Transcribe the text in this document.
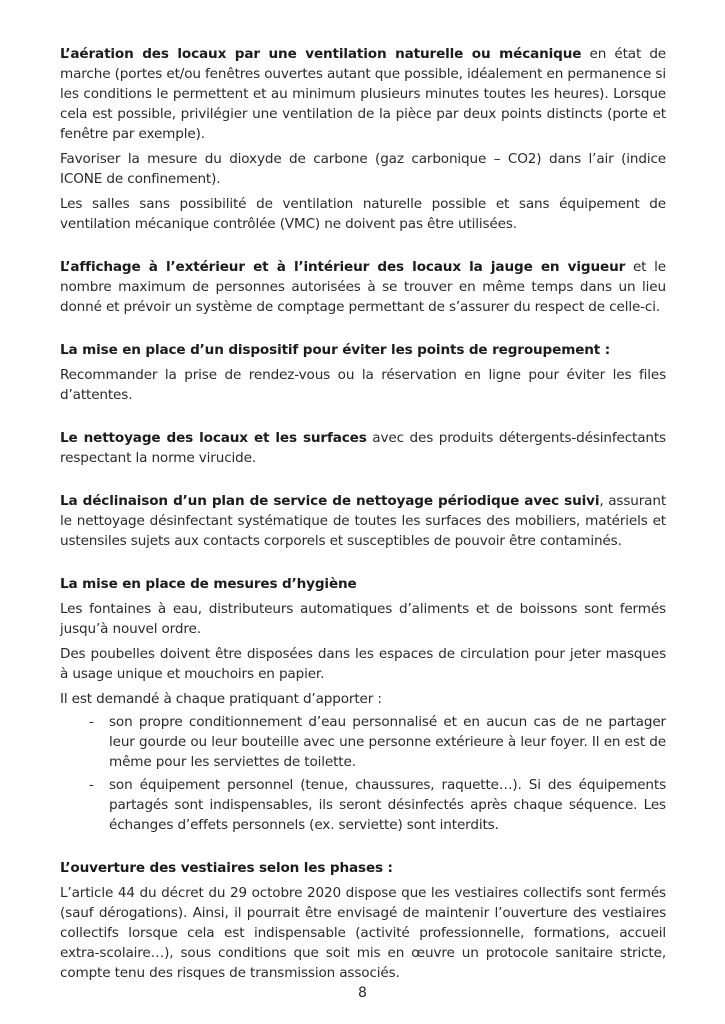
L’aération des locaux par une ventilation naturelle ou mécanique en état de marche (portes et/ou fenêtres ouvertes autant que possible, idéalement en permanence si les conditions le permettent et au minimum plusieurs minutes toutes les heures). Lorsque cela est possible, privilégier une ventilation de la pièce par deux points distincts (porte et fenêtre par exemple).

Favoriser la mesure du dioxyde de carbone (gaz carbonique – CO2) dans l’air (indice ICONE de confinement).

Les salles sans possibilité de ventilation naturelle possible et sans équipement de ventilation mécanique contrôlée (VMC) ne doivent pas être utilisées.

L’affichage à l’extérieur et à l’intérieur des locaux la jauge en vigueur et le nombre maximum de personnes autorisées à se trouver en même temps dans un lieu donné et prévoir un système de comptage permettant de s’assurer du respect de celle-ci.

La mise en place d’un dispositif pour éviter les points de regroupement :

Recommander la prise de rendez-vous ou la réservation en ligne pour éviter les files d’attentes.

Le nettoyage des locaux et les surfaces avec des produits détergents-désinfectants respectant la norme virucide.

La déclinaison d’un plan de service de nettoyage périodique avec suivi, assurant le nettoyage désinfectant systématique de toutes les surfaces des mobiliers, matériels et ustensiles sujets aux contacts corporels et susceptibles de pouvoir être contaminés.

La mise en place de mesures d’hygiène

Les fontaines à eau, distributeurs automatiques d’aliments et de boissons sont fermés jusqu’à nouvel ordre.

Des poubelles doivent être disposées dans les espaces de circulation pour jeter masques à usage unique et mouchoirs en papier.

Il est demandé à chaque pratiquant d’apporter :

- son propre conditionnement d’eau personnalisé et en aucun cas de ne partager leur gourde ou leur bouteille avec une personne extérieure à leur foyer. Il en est de même pour les serviettes de toilette.
- son équipement personnel (tenue, chaussures, raquette…). Si des équipements partagés sont indispensables, ils seront désinfectés après chaque séquence. Les échanges d’effets personnels (ex. serviette) sont interdits.

L’ouverture des vestiaires selon les phases :

L’article 44 du décret du 29 octobre 2020 dispose que les vestiaires collectifs sont fermés (sauf dérogations). Ainsi, il pourrait être envisagé de maintenir l’ouverture des vestiaires collectifs lorsque cela est indispensable (activité professionnelle, formations, accueil extra-scolaire…), sous conditions que soit mis en œuvre un protocole sanitaire stricte, compte tenu des risques de transmission associés.

8
